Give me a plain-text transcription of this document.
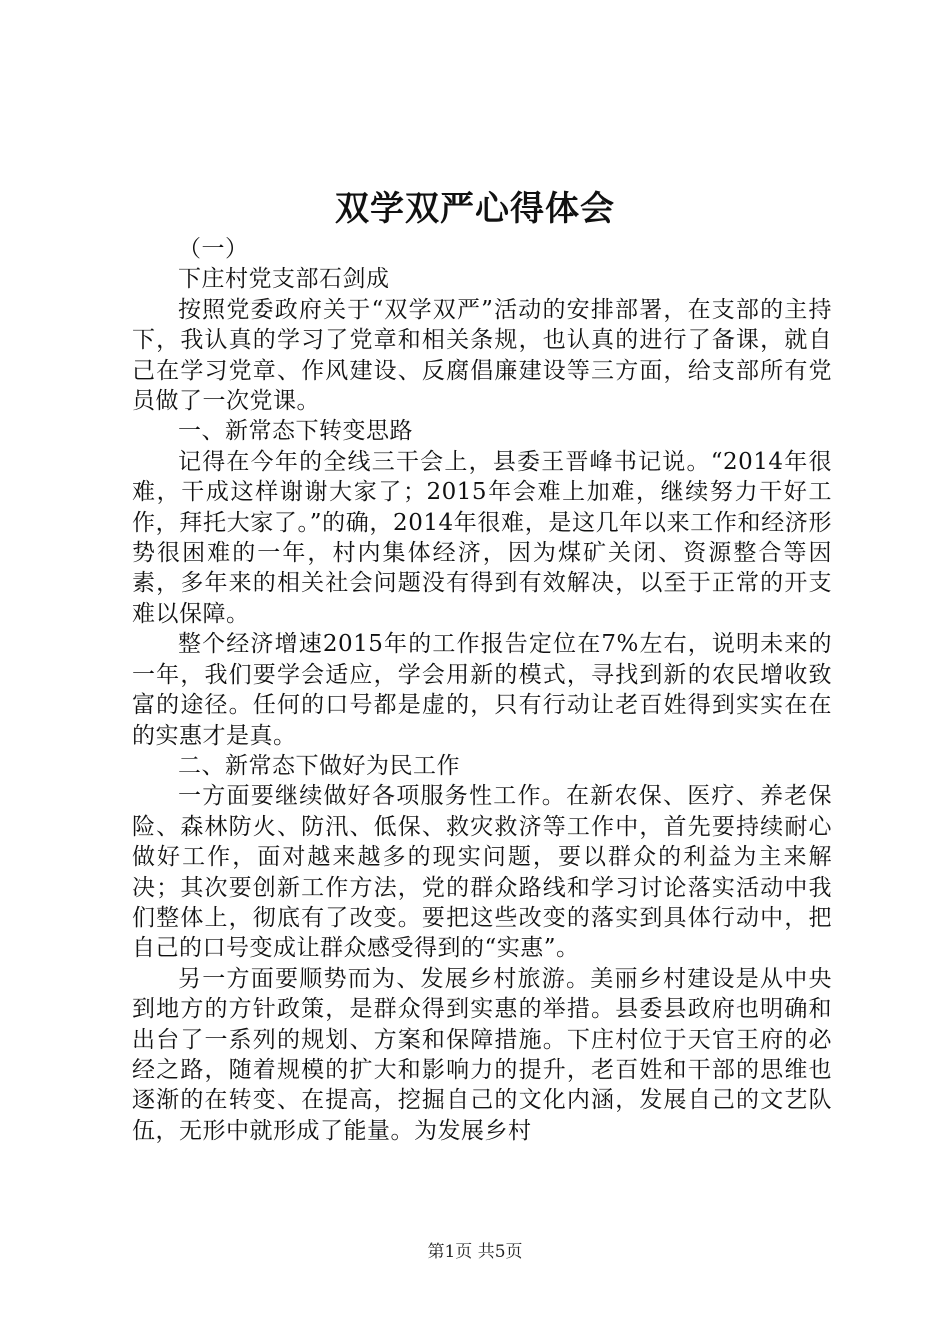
双学双严心得体会

（一）

下庄村党支部石剑成

按照党委政府关于“双学双严”活动的安排部署，在支部的主持下，我认真的学习了党章和相关条规，也认真的进行了备课，就自己在学习党章、作风建设、反腐倡廉建设等三方面，给支部所有党员做了一次党课。

一、新常态下转变思路

记得在今年的全线三干会上，县委王晋峰书记说。“2014年很难，干成这样谢谢大家了；2015年会难上加难，继续努力干好工作，拜托大家了。”的确，2014年很难，是这几年以来工作和经济形势很困难的一年，村内集体经济，因为煤矿关闭、资源整合等因素，多年来的相关社会问题没有得到有效解决，以至于正常的开支难以保障。

整个经济增速2015年的工作报告定位在7%左右，说明未来的一年，我们要学会适应，学会用新的模式，寻找到新的农民增收致富的途径。任何的口号都是虚的，只有行动让老百姓得到实实在在的实惠才是真。

二、新常态下做好为民工作

一方面要继续做好各项服务性工作。在新农保、医疗、养老保险、森林防火、防汛、低保、救灾救济等工作中，首先要持续耐心做好工作，面对越来越多的现实问题，要以群众的利益为主来解决；其次要创新工作方法，党的群众路线和学习讨论落实活动中我们整体上，彻底有了改变。要把这些改变的落实到具体行动中，把自己的口号变成让群众感受得到的“实惠”。

另一方面要顺势而为、发展乡村旅游。美丽乡村建设是从中央到地方的方针政策，是群众得到实惠的举措。县委县政府也明确和出台了一系列的规划、方案和保障措施。下庄村位于天官王府的必经之路，随着规模的扩大和影响力的提升，老百姓和干部的思维也逐渐的在转变、在提高，挖掘自己的文化内涵，发展自己的文艺队伍，无形中就形成了能量。为发展乡村

第1页 共5页
